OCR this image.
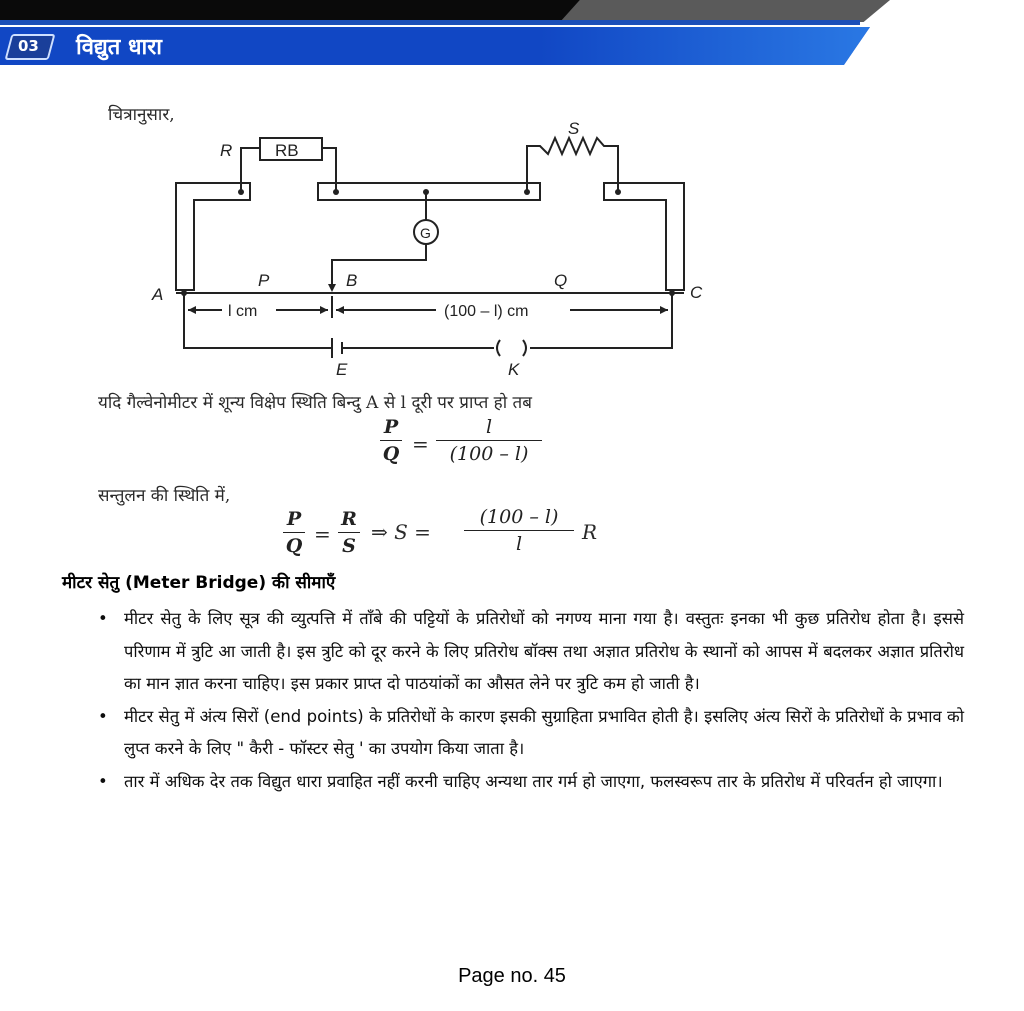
03 विद्युत धारा
चित्रानुसार,
R	RB
S
G
A
B
C
P	Q
l cm	(100 – l) cm
E	K
यदि गैल्वेनोमीटर में शून्य विक्षेप स्थिति बिन्दु A से l दूरी पर प्राप्त हो तब
P
Q =
l
(100 – l)
सन्तुलन की स्थिति में,
P
Q =
R
S
⇒ S =
(100 – l)
l	R
मीटर सेतु (Meter Bridge) की सीमाएँ
• मीटर सेतु के लिए सूत्र की व्युत्पत्ति में ताँबे की पट्टियों के प्रतिरोधों को नगण्य माना गया है। वस्तुतः इनका भी कुछ प्रतिरोध होता है। इससे परिणाम में त्रुटि आ जाती है। इस त्रुटि को दूर करने के लिए प्रतिरोध बॉक्स तथा अज्ञात प्रतिरोध के स्थानों को आपस में बदलकर अज्ञात प्रतिरोध का मान ज्ञात करना चाहिए। इस प्रकार प्राप्त दो पाठयांकों का औसत लेने पर त्रुटि कम हो जाती है।
• मीटर सेतु में अंत्य सिरों (end points) के प्रतिरोधों के कारण इसकी सुग्राहिता प्रभावित होती है। इसलिए अंत्य सिरों के प्रतिरोधों के प्रभाव को लुप्त करने के लिए " कैरी - फॉस्टर सेतु ' का उपयोग किया जाता है।
• तार में अधिक देर तक विद्युत धारा प्रवाहित नहीं करनी चाहिए अन्यथा तार गर्म हो जाएगा, फलस्वरूप तार के प्रतिरोध में परिवर्तन हो जाएगा।
Page no. 45
